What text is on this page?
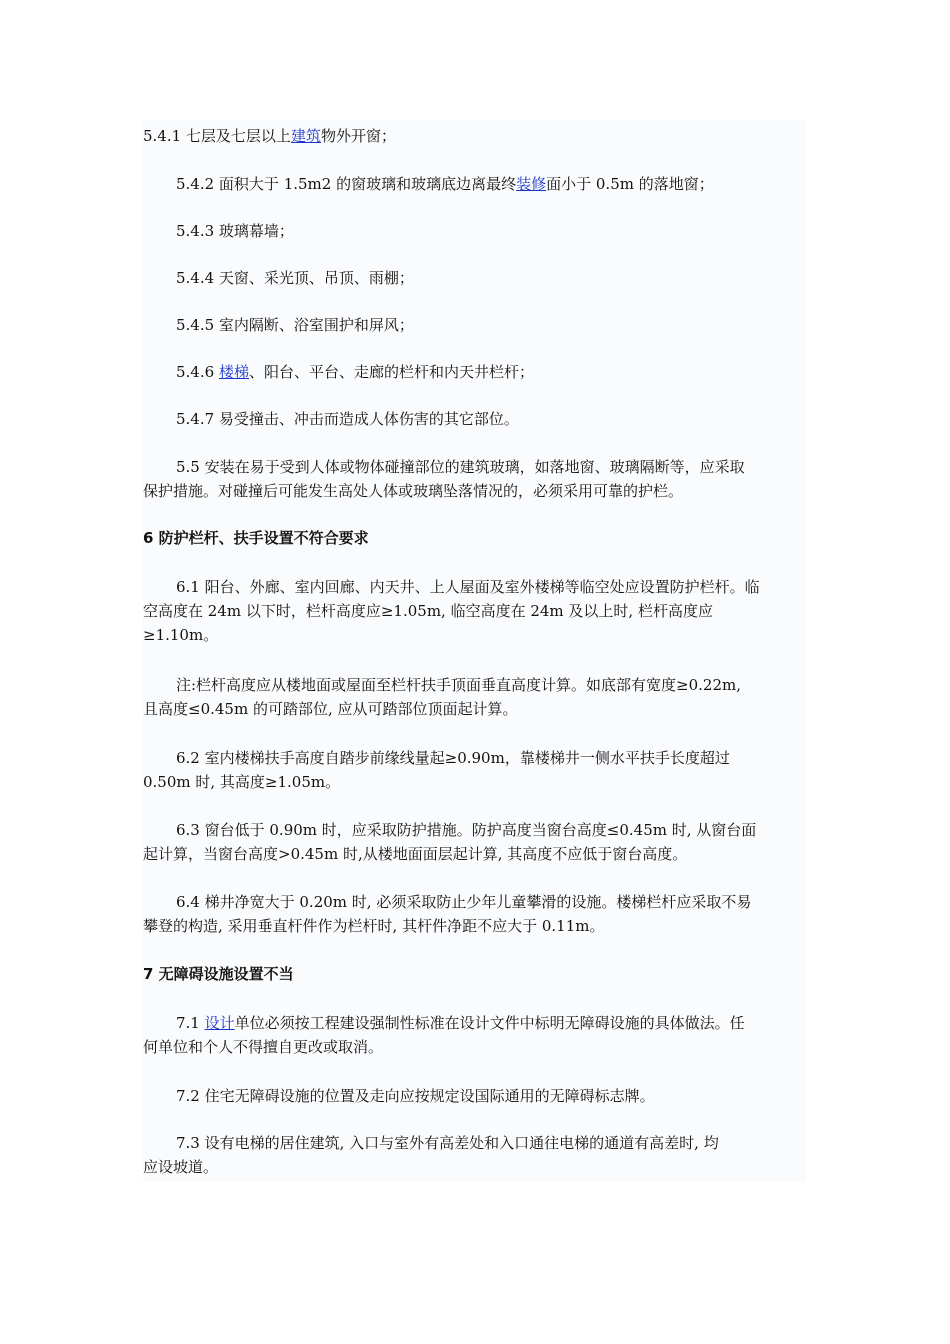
5.4.1 七层及七层以上建筑物外开窗；
5.4.2 面积大于 1.5m2 的窗玻璃和玻璃底边离最终装修面小于 0.5m 的落地窗；
5.4.3 玻璃幕墙；
5.4.4 天窗、采光顶、吊顶、雨棚；
5.4.5 室内隔断、浴室围护和屏风；
5.4.6 楼梯、阳台、平台、走廊的栏杆和内天井栏杆；
5.4.7 易受撞击、冲击而造成人体伤害的其它部位。
5.5 安装在易于受到人体或物体碰撞部位的建筑玻璃，如落地窗、玻璃隔断等，应采取
保护措施。对碰撞后可能发生高处人体或玻璃坠落情况的，必须采用可靠的护栏。
6 防护栏杆、扶手设置不符合要求
6.1 阳台、外廊、室内回廊、内天井、上人屋面及室外楼梯等临空处应设置防护栏杆。临
空高度在 24m 以下时，栏杆高度应≥1.05m, 临空高度在 24m 及以上时, 栏杆高度应
≥1.10m。
注:栏杆高度应从楼地面或屋面至栏杆扶手顶面垂直高度计算。如底部有宽度≥0.22m,
且高度≤0.45m 的可踏部位, 应从可踏部位顶面起计算。
6.2 室内楼梯扶手高度自踏步前缘线量起≥0.90m，靠楼梯井一侧水平扶手长度超过
0.50m 时, 其高度≥1.05m。
6.3 窗台低于 0.90m 时，应采取防护措施。防护高度当窗台高度≤0.45m 时, 从窗台面
起计算，当窗台高度>0.45m 时,从楼地面面层起计算, 其高度不应低于窗台高度。
6.4 梯井净宽大于 0.20m 时, 必须采取防止少年儿童攀滑的设施。楼梯栏杆应采取不易
攀登的构造, 采用垂直杆件作为栏杆时, 其杆件净距不应大于 0.11m。
7 无障碍设施设置不当
7.1 设计单位必须按工程建设强制性标准在设计文件中标明无障碍设施的具体做法。任
何单位和个人不得擅自更改或取消。
7.2 住宅无障碍设施的位置及走向应按规定设国际通用的无障碍标志牌。
7.3 设有电梯的居住建筑, 入口与室外有高差处和入口通往电梯的通道有高差时, 均
应设坡道。
